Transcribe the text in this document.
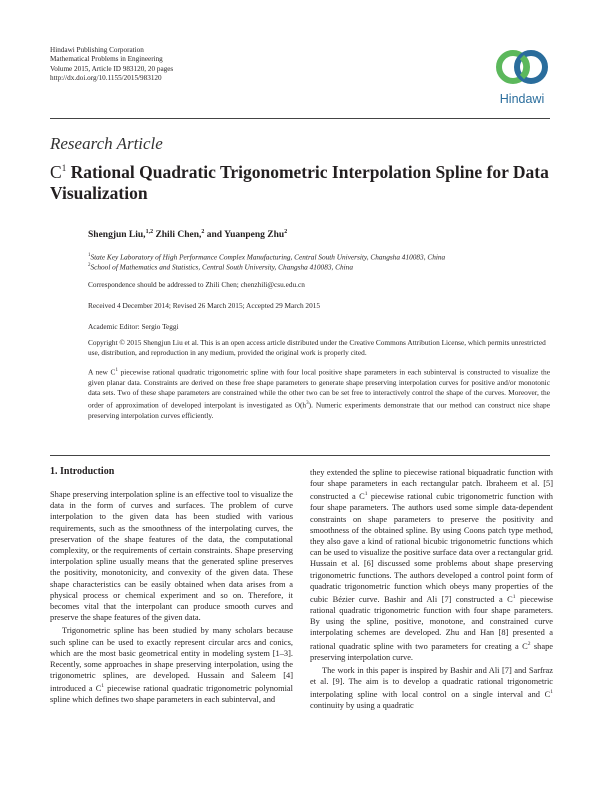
Hindawi Publishing Corporation
Mathematical Problems in Engineering
Volume 2015, Article ID 983120, 20 pages
http://dx.doi.org/10.1155/2015/983120
Hindawi
Research Article
$C^1$ Rational Quadratic Trigonometric Interpolation Spline for Data Visualization
Shengjun Liu,$^{1,2}$ Zhili Chen,$^2$ and Yuanpeng Zhu$^2$
$^1$State Key Laboratory of High Performance Complex Manufacturing, Central South University, Changsha 410083, China
$^2$School of Mathematics and Statistics, Central South University, Changsha 410083, China
Correspondence should be addressed to Zhili Chen; chenzhili@csu.edu.cn
Received 4 December 2014; Revised 26 March 2015; Accepted 29 March 2015
Academic Editor: Sergio Teggi
Copyright © 2015 Shengjun Liu et al. This is an open access article distributed under the Creative Commons Attribution License, which permits unrestricted use, distribution, and reproduction in any medium, provided the original work is properly cited.
A new $C^1$ piecewise rational quadratic trigonometric spline with four local positive shape parameters in each subinterval is constructed to visualize the given planar data. Constraints are derived on these free shape parameters to generate shape preserving interpolation curves for positive and/or monotonic data sets. Two of these shape parameters are constrained while the other two can be set free to interactively control the shape of the curves. Moreover, the order of approximation of developed interpolant is investigated as $O(h^3)$. Numeric experiments demonstrate that our method can construct nice shape preserving interpolation curves efficiently.
1. Introduction

Shape preserving interpolation spline is an effective tool to visualize the data in the form of curves and surfaces. The problem of curve interpolation to the given data has been studied with various requirements, such as the smoothness of the interpolating curves, the preservation of the shape features of the data, the computational complexity, or the requirements of certain constraints. Shape preserving interpolation spline usually means that the generated spline preserves the positivity, monotonicity, and convexity of the given data. These shape characteristics can be easily obtained when data arises from a physical process or chemical experiment and so on. Therefore, it becomes vital that the interpolant can produce smooth curves and preserve the shape features of the given data.

Trigonometric spline has been studied by many scholars because such spline can be used to exactly represent circular arcs and conics, which are the most basic geometrical entity in modeling system [1–3]. Recently, some approaches in shape preserving interpolation, using the trigonometric splines, are developed. Hussain and Saleem [4] introduced a $C^1$ piecewise rational quadratic trigonometric polynomial spline which defines two shape parameters in each subinterval, and

they extended the spline to piecewise rational biquadratic function with four shape parameters in each rectangular patch. Ibraheem et al. [5] constructed a $C^1$ piecewise rational cubic trigonometric function with four shape parameters. The authors used some simple data-dependent constraints on shape parameters to preserve the positivity and smoothness of the obtained spline. By using Coons patch type method, they also gave a kind of rational bicubic trigonometric functions which can be used to visualize the positive surface data over a rectangular grid. Hussain et al. [6] discussed some problems about shape preserving trigonometric functions. The authors developed a control point form of quadratic trigonometric function which obeys many properties of the cubic Bézier curve. Bashir and Ali [7] constructed a $C^1$ piecewise rational quadratic trigonometric function with four shape parameters. By using the spline, positive, monotone, and constrained curve interpolating schemes are developed. Zhu and Han [8] presented a rational quadratic spline with two parameters for creating a $C^2$ shape preserving interpolation curve.

The work in this paper is inspired by Bashir and Ali [7] and Sarfraz et al. [9]. The aim is to develop a quadratic rational trigonometric interpolating spline with local control on a single interval and $C^1$ continuity by using a quadratic
